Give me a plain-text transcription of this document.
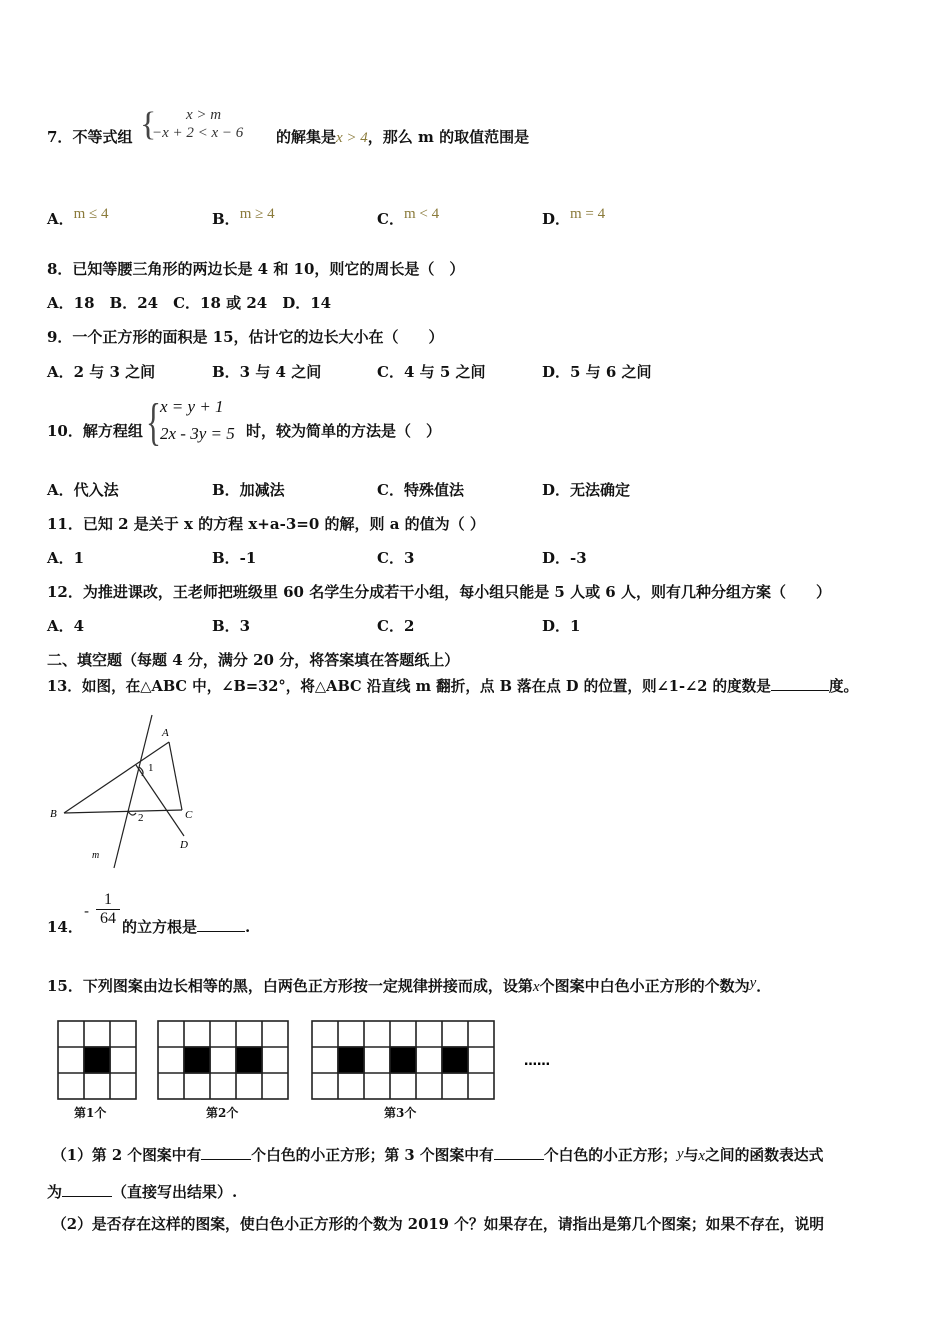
7．不等式组 { x > m
−x + 2 < x − 6 的解集是x > 4，那么 m 的取值范围是
A．m ≤ 4	B．m ≥ 4	C．m < 4	D．m = 4
8．已知等腰三角形的两边长是 4 和 10，则它的周长是（　）
A．18　B．24　C．18 或 24　D．14
9．一个正方形的面积是 15，估计它的边长大小在（　　）
A．2 与 3 之间	B．3 与 4 之间	C．4 与 5 之间	D．5 与 6 之间
10．解方程组 { x = y + 1
2x - 3y = 5 时，较为简单的方法是（　）
A．代入法	B．加减法	C．特殊值法	D．无法确定
11．已知 2 是关于 x 的方程 x+a-3=0 的解，则 a 的值为（ ）
A．1	B．-1	C．3	D．-3
12．为推进课改，王老师把班级里 60 名学生分成若干小组，每小组只能是 5 人或 6 人，则有几种分组方案（　　）
A．4	B．3	C．2	D．1
二、填空题（每题 4 分，满分 20 分，将答案填在答题纸上）
13．如图，在△ABC 中，∠B=32°，将△ABC 沿直线 m 翻折，点 B 落在点 D 的位置，则∠1-∠2 的度数是	度。
A
B	C
D
m
1
2
14．
- $\frac{1}{64}$ 的立方根是	.
15．下列图案由边长相等的黑，白两色正方形按一定规律拼接而成，设第x个图案中白色小正方形的个数为y．
……
第1个	第2个	第3个
（1）第 2 个图案中有	个白色的小正方形；第 3 个图案中有	个白色的小正方形；y与x之间的函数表达式
为	（直接写出结果）.
（2）是否存在这样的图案，使白色小正方形的个数为 2019 个？如果存在，请指出是第几个图案；如果不存在，说明
